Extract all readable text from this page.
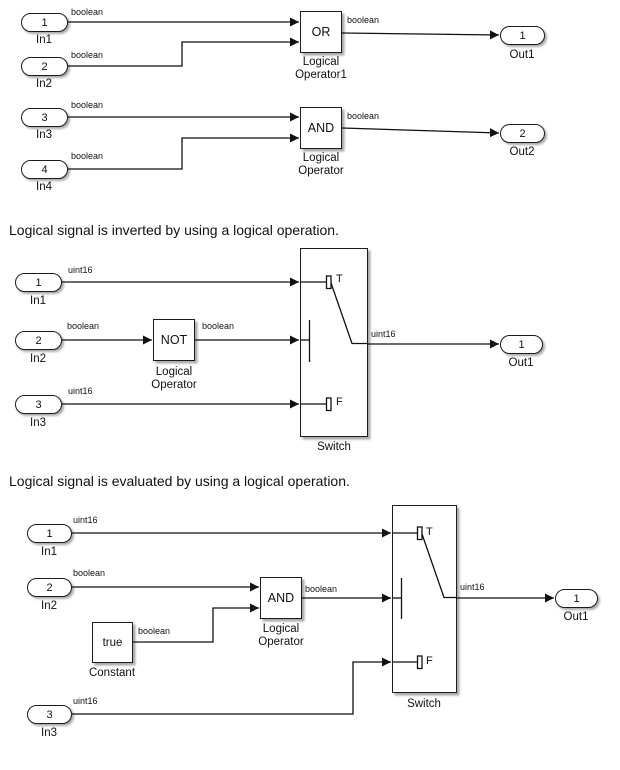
1
In1
2
In2
3
In3
4
In4
boolean
boolean
boolean
boolean
boolean
boolean
OR
Logical
Operator1
AND
Logical
Operator
1
Out1
2
Out2
Logical signal is inverted by using a logical operation.
Logical signal is evaluated by using a logical operation.
1
In1
2
In2
3
In3
uint16
boolean	boolean
uint16
uint16
NOT
Logical
Operator
T
F
Switch
1
Out1
1
In1
2
In2
3
In3
uint16
boolean
boolean
boolean	uint16
uint16
AND
Logical
Operator
true
Constant
T
F
Switch
1
Out1
